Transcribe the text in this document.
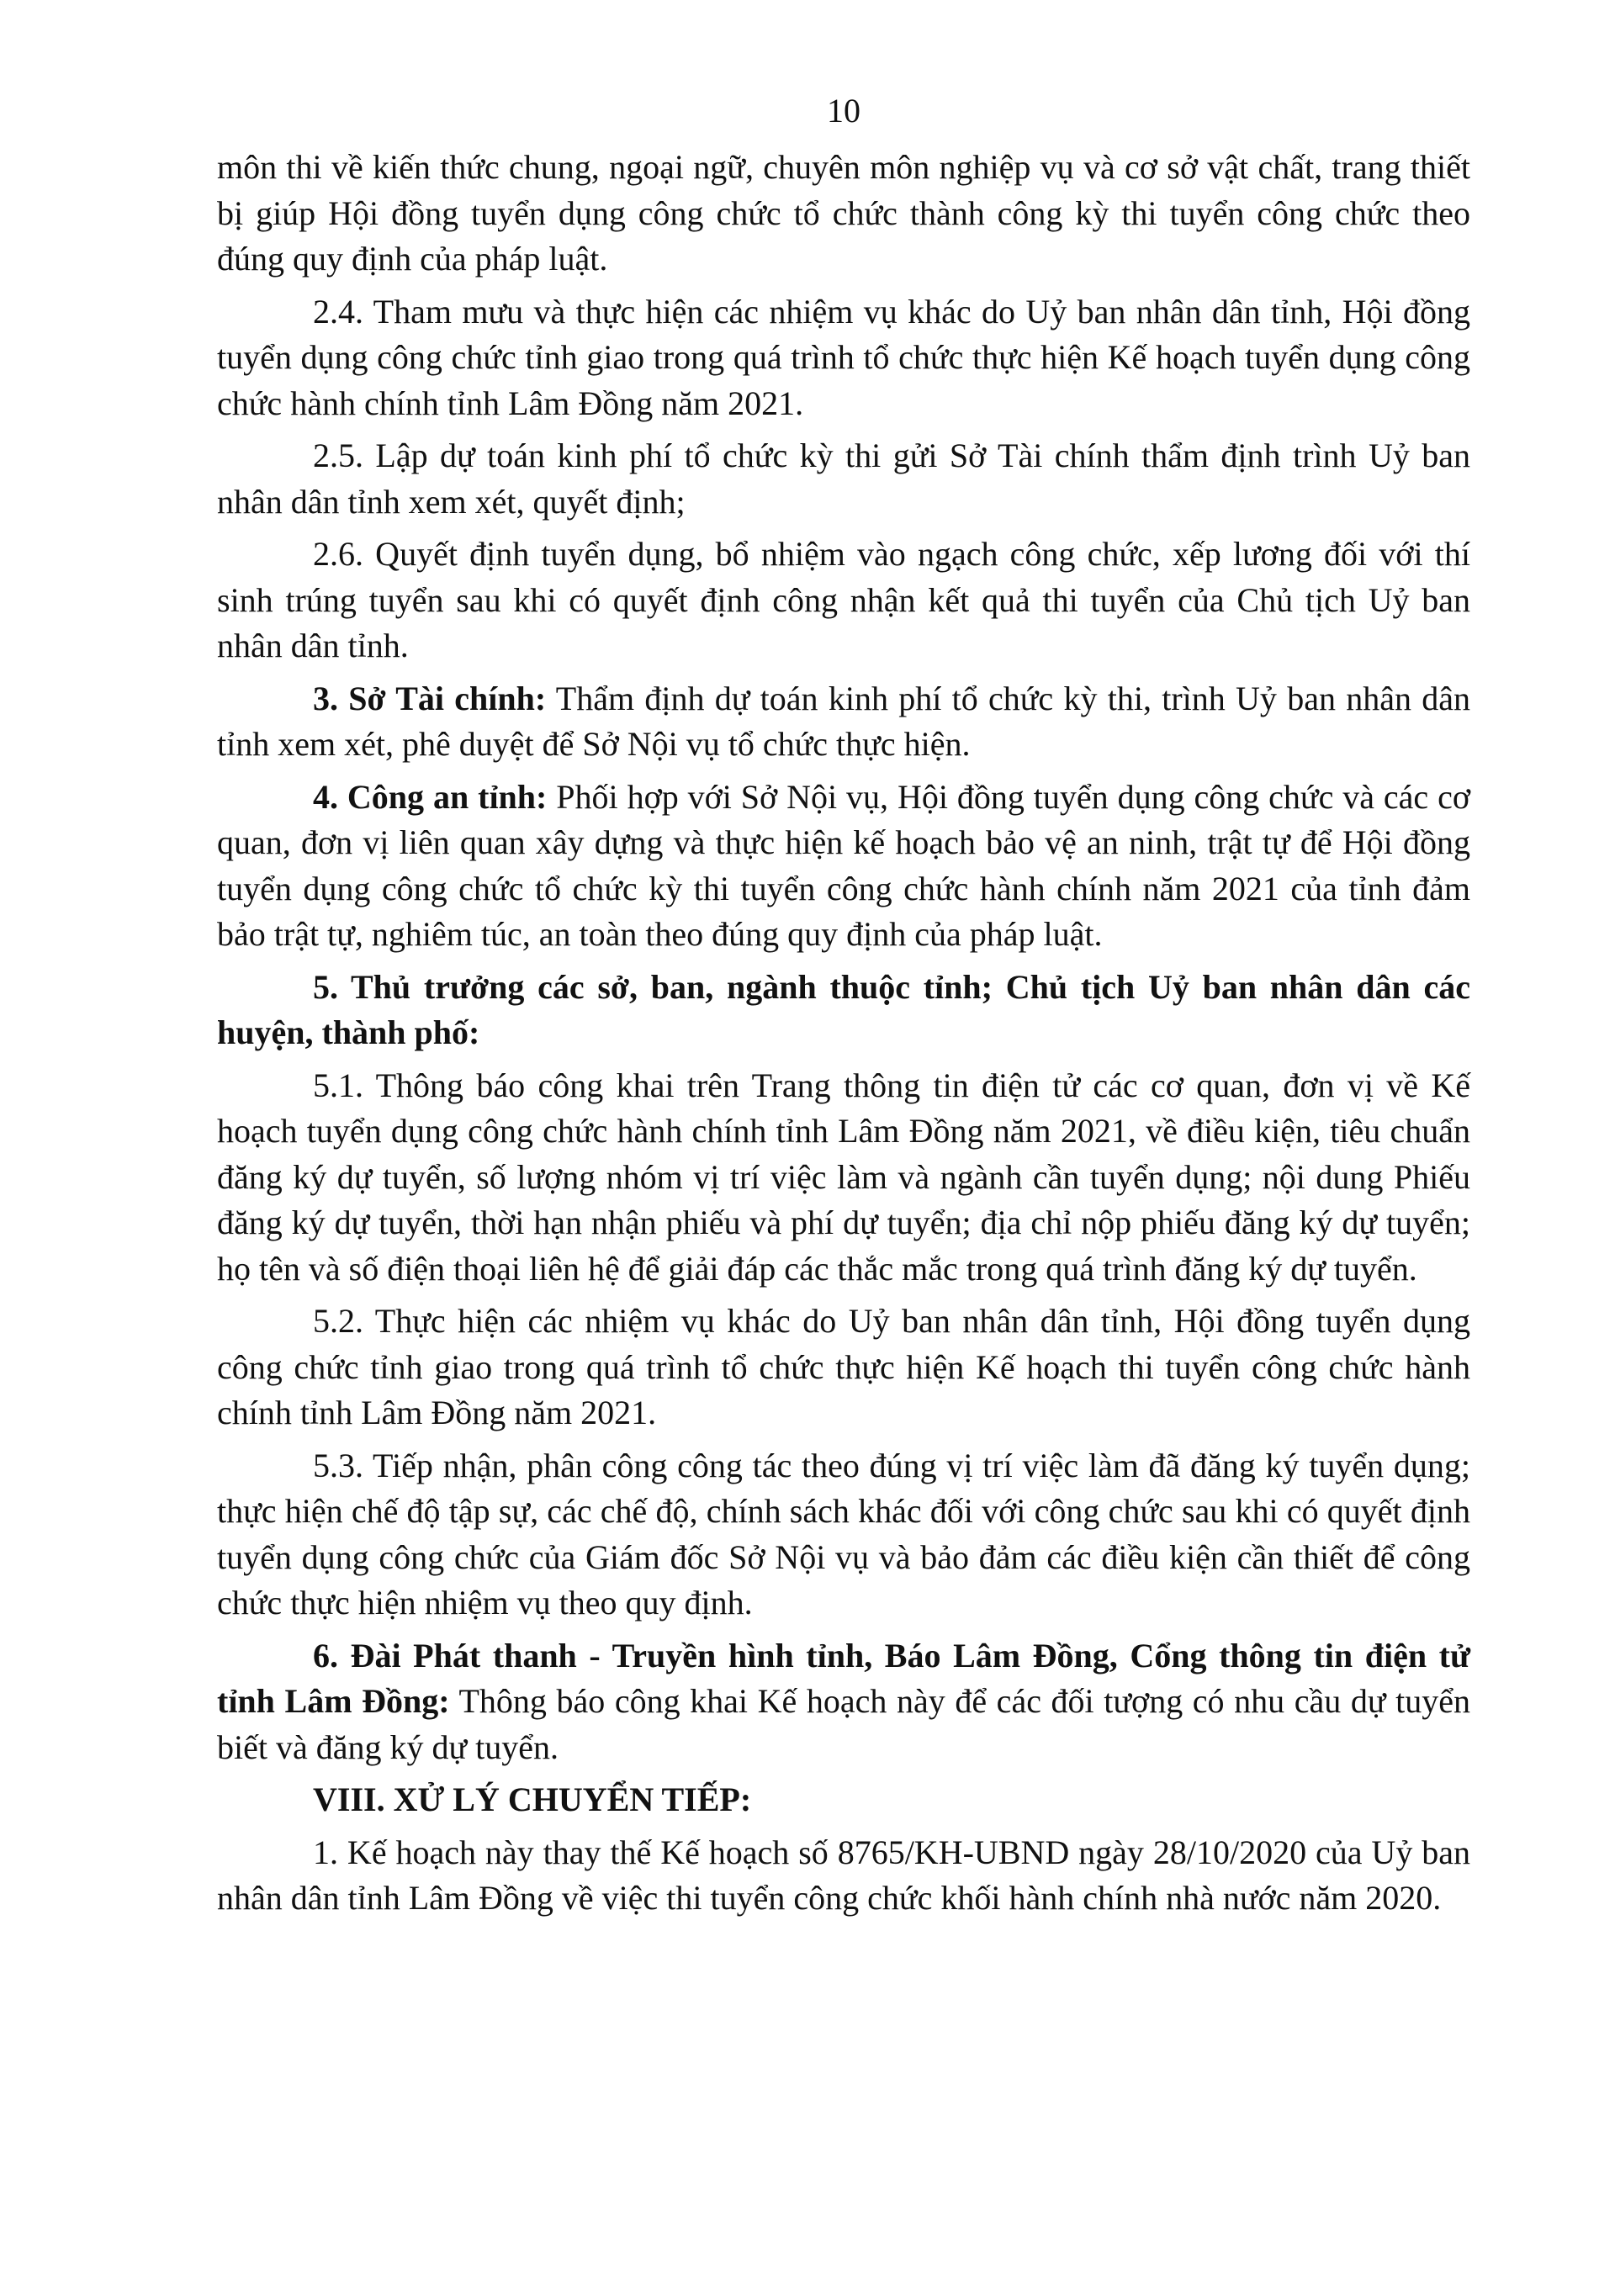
10

môn thi về kiến thức chung, ngoại ngữ, chuyên môn nghiệp vụ và cơ sở vật chất, trang thiết bị giúp Hội đồng tuyển dụng công chức tổ chức thành công kỳ thi tuyển công chức theo đúng quy định của pháp luật.

2.4. Tham mưu và thực hiện các nhiệm vụ khác do Uỷ ban nhân dân tỉnh, Hội đồng tuyển dụng công chức tỉnh giao trong quá trình tổ chức thực hiện Kế hoạch tuyển dụng công chức hành chính tỉnh Lâm Đồng năm 2021.

2.5. Lập dự toán kinh phí tổ chức kỳ thi gửi Sở Tài chính thẩm định trình Uỷ ban nhân dân tỉnh xem xét, quyết định;

2.6. Quyết định tuyển dụng, bổ nhiệm vào ngạch công chức, xếp lương đối với thí sinh trúng tuyển sau khi có quyết định công nhận kết quả thi tuyển của Chủ tịch Uỷ ban nhân dân tỉnh.

3. Sở Tài chính: Thẩm định dự toán kinh phí tổ chức kỳ thi, trình Uỷ ban nhân dân tỉnh xem xét, phê duyệt để Sở Nội vụ tổ chức thực hiện.

4. Công an tỉnh: Phối hợp với Sở Nội vụ, Hội đồng tuyển dụng công chức và các cơ quan, đơn vị liên quan xây dựng và thực hiện kế hoạch bảo vệ an ninh, trật tự để Hội đồng tuyển dụng công chức tổ chức kỳ thi tuyển công chức hành chính năm 2021 của tỉnh đảm bảo trật tự, nghiêm túc, an toàn theo đúng quy định của pháp luật.

5. Thủ trưởng các sở, ban, ngành thuộc tỉnh; Chủ tịch Uỷ ban nhân dân các huyện, thành phố:

5.1. Thông báo công khai trên Trang thông tin điện tử các cơ quan, đơn vị về Kế hoạch tuyển dụng công chức hành chính tỉnh Lâm Đồng năm 2021, về điều kiện, tiêu chuẩn đăng ký dự tuyển, số lượng nhóm vị trí việc làm và ngành cần tuyển dụng; nội dung Phiếu đăng ký dự tuyển, thời hạn nhận phiếu và phí dự tuyển; địa chỉ nộp phiếu đăng ký dự tuyển; họ tên và số điện thoại liên hệ để giải đáp các thắc mắc trong quá trình đăng ký dự tuyển.

5.2. Thực hiện các nhiệm vụ khác do Uỷ ban nhân dân tỉnh, Hội đồng tuyển dụng công chức tỉnh giao trong quá trình tổ chức thực hiện Kế hoạch thi tuyển công chức hành chính tỉnh Lâm Đồng năm 2021.

5.3. Tiếp nhận, phân công công tác theo đúng vị trí việc làm đã đăng ký tuyển dụng; thực hiện chế độ tập sự, các chế độ, chính sách khác đối với công chức sau khi có quyết định tuyển dụng công chức của Giám đốc Sở Nội vụ và bảo đảm các điều kiện cần thiết để công chức thực hiện nhiệm vụ theo quy định.

6. Đài Phát thanh - Truyền hình tỉnh, Báo Lâm Đồng, Cổng thông tin điện tử tỉnh Lâm Đồng: Thông báo công khai Kế hoạch này để các đối tượng có nhu cầu dự tuyển biết và đăng ký dự tuyển.

VIII. XỬ LÝ CHUYỂN TIẾP:

1. Kế hoạch này thay thế Kế hoạch số 8765/KH-UBND ngày 28/10/2020 của Uỷ ban nhân dân tỉnh Lâm Đồng về việc thi tuyển công chức khối hành chính nhà nước năm 2020.
